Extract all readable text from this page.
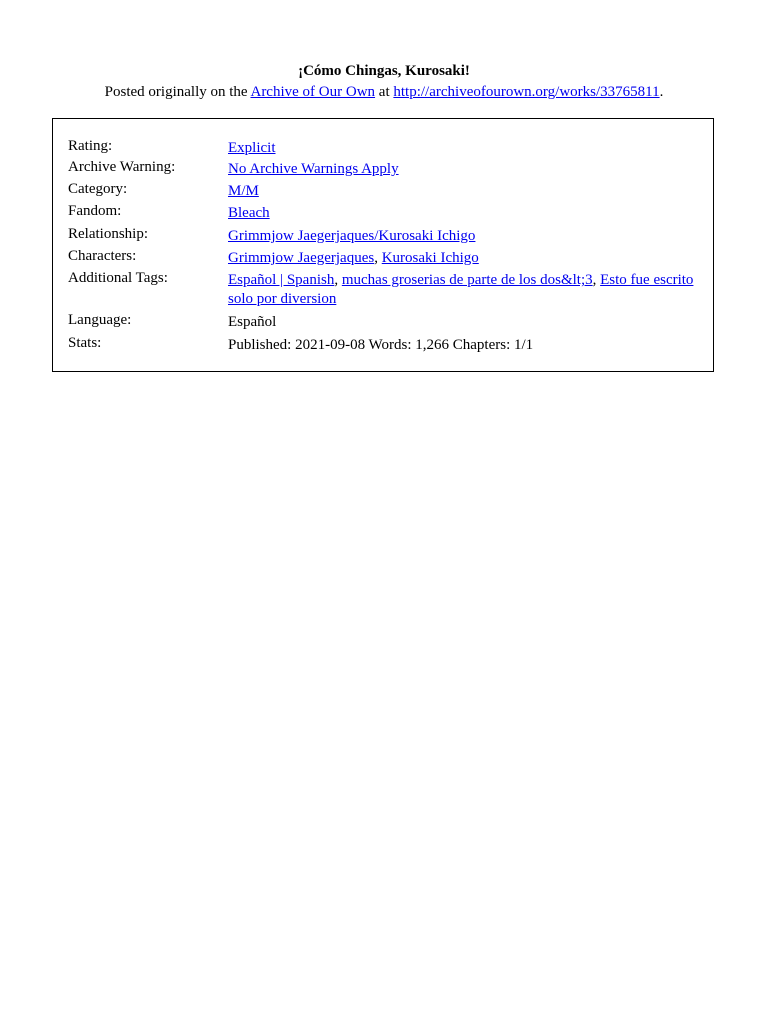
¡Cómo Chingas, Kurosaki!

Posted originally on the Archive of Our Own at http://archiveofourown.org/works/33765811.

Rating:	Explicit
Archive Warning:	No Archive Warnings Apply
Category:	M/M
Fandom:	Bleach
Relationship:	Grimmjow Jaegerjaques/Kurosaki Ichigo
Characters:	Grimmjow Jaegerjaques, Kurosaki Ichigo
Additional Tags:	Español | Spanish, muchas groserias de parte de los dos&lt;3, Esto fue escrito solo por diversion
Language:	Español
Stats:	Published: 2021-09-08 Words: 1,266 Chapters: 1/1
